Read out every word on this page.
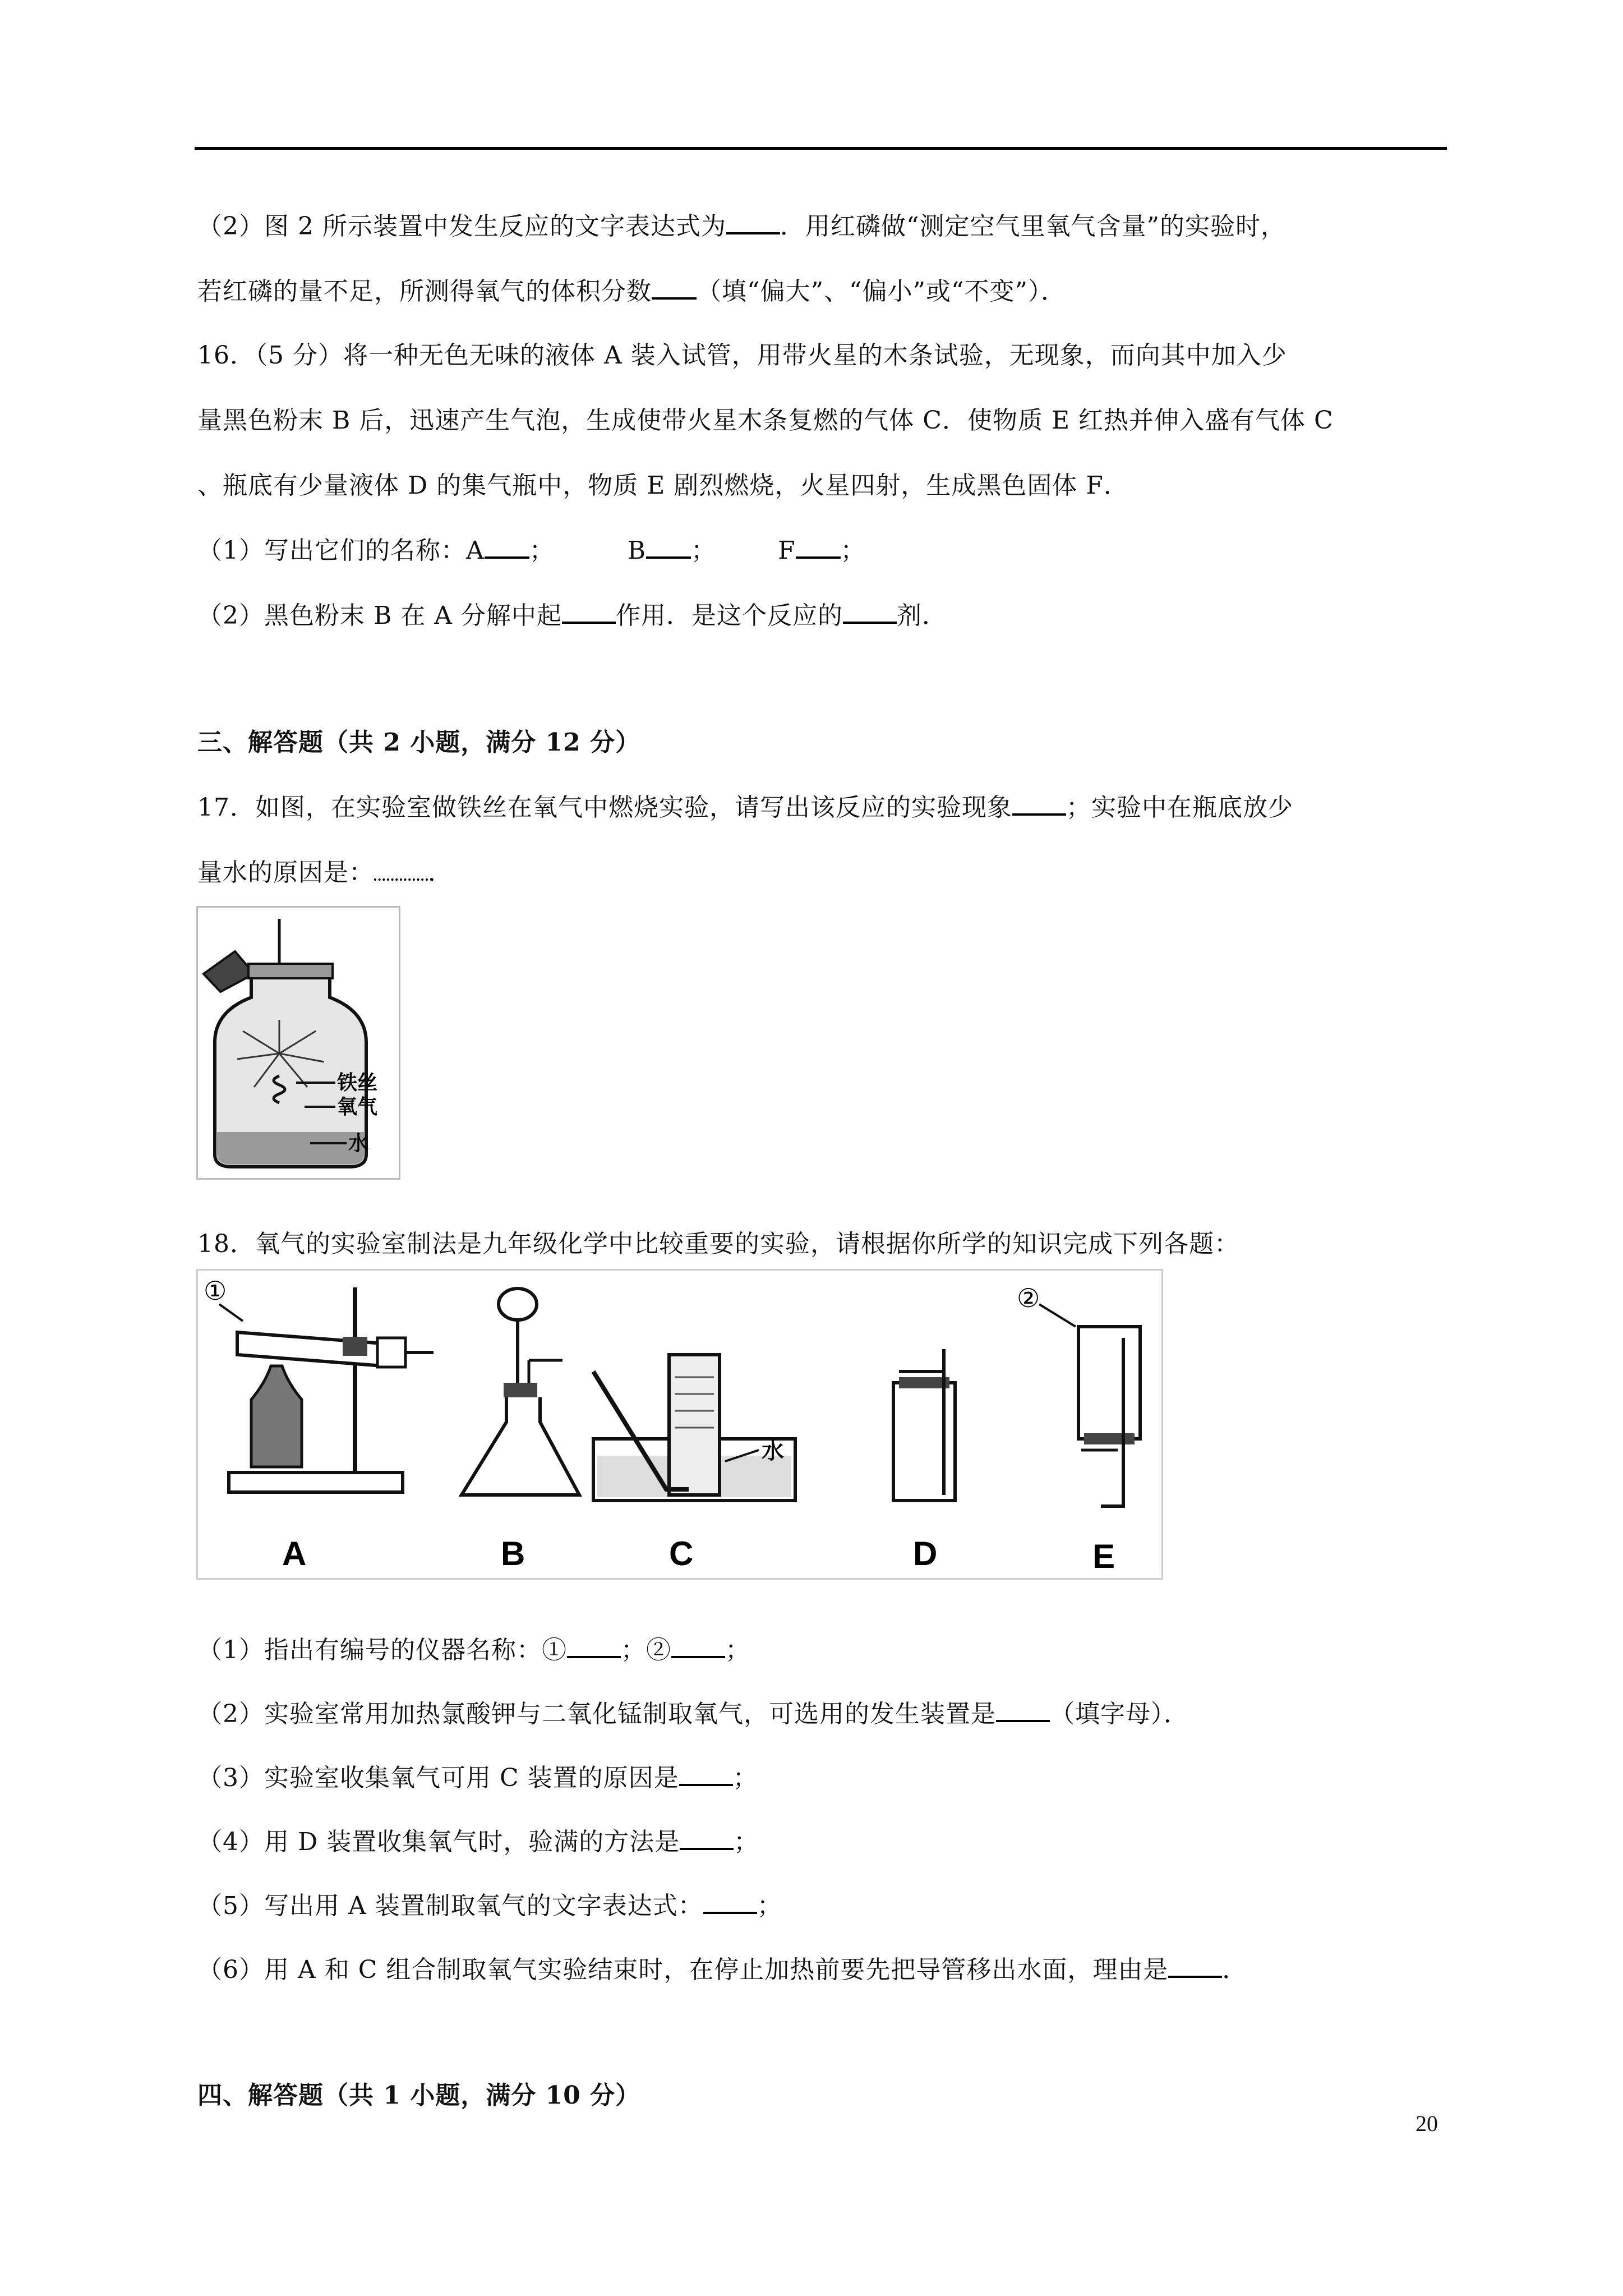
（2）图 2 所示装置中发生反应的文字表达式为 ．用红磷做“测定空气里氧气含量”的实验时，
若红磷的量不足，所测得氧气的体积分数 （填“偏大”、“偏小”或“不变”）．
16．（5 分）将一种无色无味的液体 A 装入试管，用带火星的木条试验，无现象，而向其中加入少
量黑色粉末 B 后，迅速产生气泡，生成使带火星木条复燃的气体 C．使物质 E 红热并伸入盛有气体 C
、瓶底有少量液体 D 的集气瓶中，物质 E 剧烈燃烧，火星四射，生成黑色固体 F．
（1）写出它们的名称：A ；	B ；	F ；
（2）黑色粉末 B 在 A 分解中起 作用．是这个反应的 剂．
三、解答题（共 2 小题，满分 12 分）
17．如图，在实验室做铁丝在氧气中燃烧实验，请写出该反应的实验现象 ；实验中在瓶底放少
量水的原因是： ．
铁丝
氧气
水
18．氧气的实验室制法是九年级化学中比较重要的实验，请根据你所学的知识完成下列各题：
①
A	B
水
C	D
②
E
（1）指出有编号的仪器名称：① ；② ；
（2）实验室常用加热氯酸钾与二氧化锰制取氧气，可选用的发生装置是 （填字母）．
（3）实验室收集氧气可用 C 装置的原因是 ；
（4）用 D 装置收集氧气时，验满的方法是 ；
（5）写出用 A 装置制取氧气的文字表达式： ；
（6）用 A 和 C 组合制取氧气实验结束时，在停止加热前要先把导管移出水面，理由是 ．
四、解答题（共 1 小题，满分 10 分）
20
